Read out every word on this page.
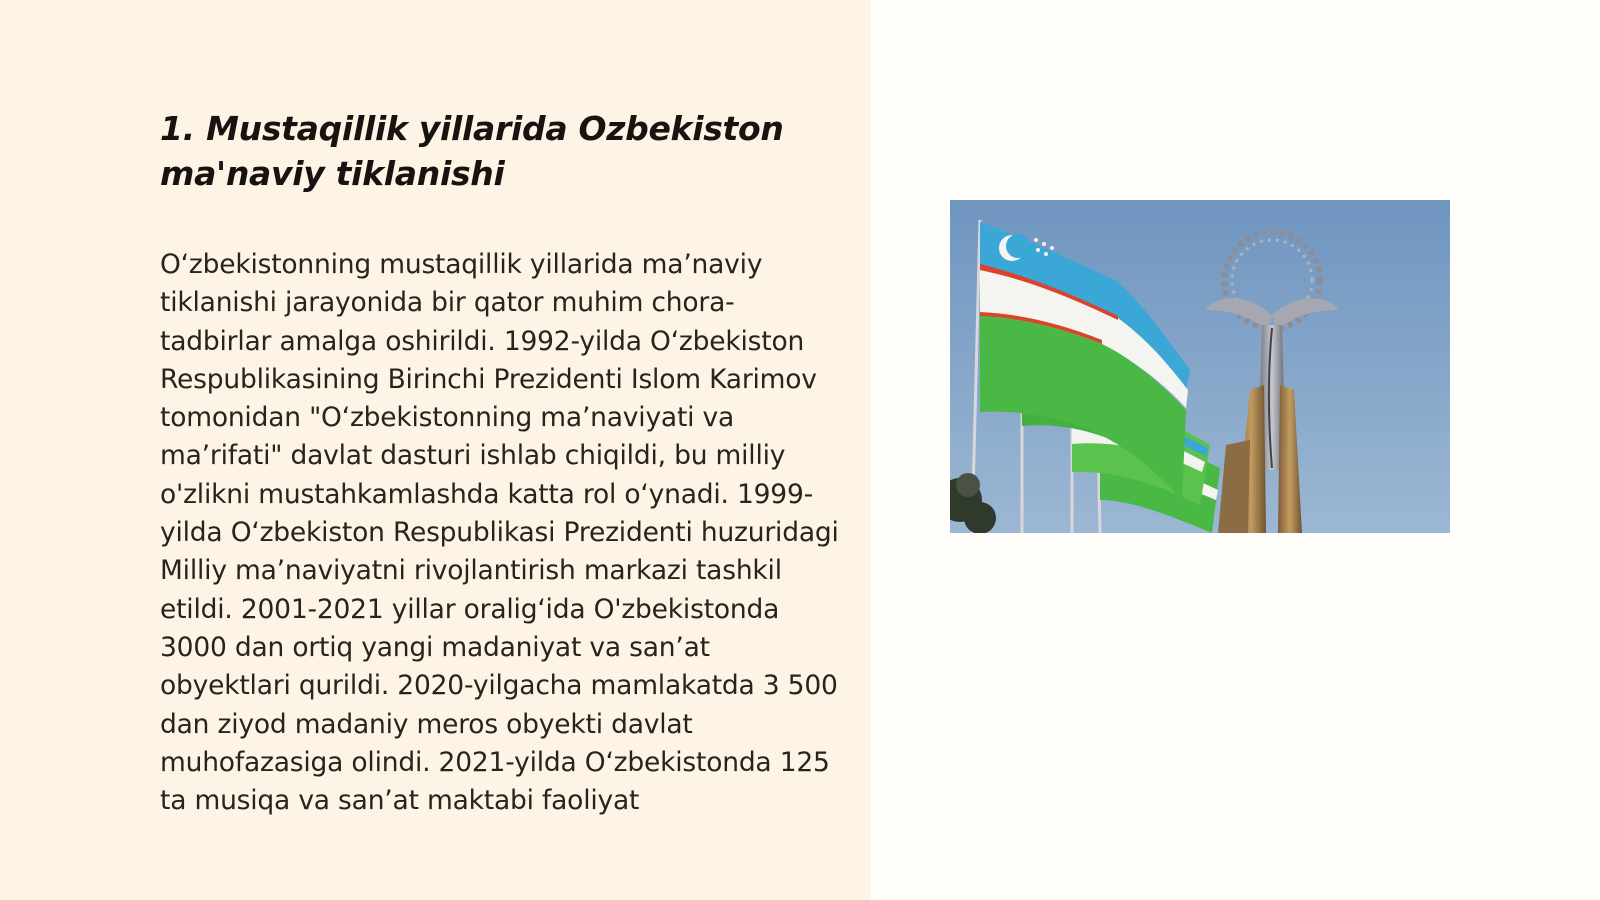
1. Mustaqillik yillarida Ozbekiston ma'naviy tiklanishi

O‘zbekistonning mustaqillik yillarida ma’naviy tiklanishi jarayonida bir qator muhim chora-tadbirlar amalga oshirildi. 1992-yilda O‘zbekiston Respublikasining Birinchi Prezidenti Islom Karimov tomonidan "O‘zbekistonning ma’naviyati va ma’rifati" davlat dasturi ishlab chiqildi, bu milliy o'zlikni mustahkamlashda katta rol o‘ynadi. 1999-yilda O‘zbekiston Respublikasi Prezidenti huzuridagi Milliy ma’naviyatni rivojlantirish markazi tashkil etildi. 2001-2021 yillar oralig‘ida O'zbekistonda 3000 dan ortiq yangi madaniyat va san’at obyektlari qurildi. 2020-yilgacha mamlakatda 3 500 dan ziyod madaniy meros obyekti davlat muhofazasiga olindi. 2021-yilda O‘zbekistonda 125 ta musiqa va san’at maktabi faoliyat
